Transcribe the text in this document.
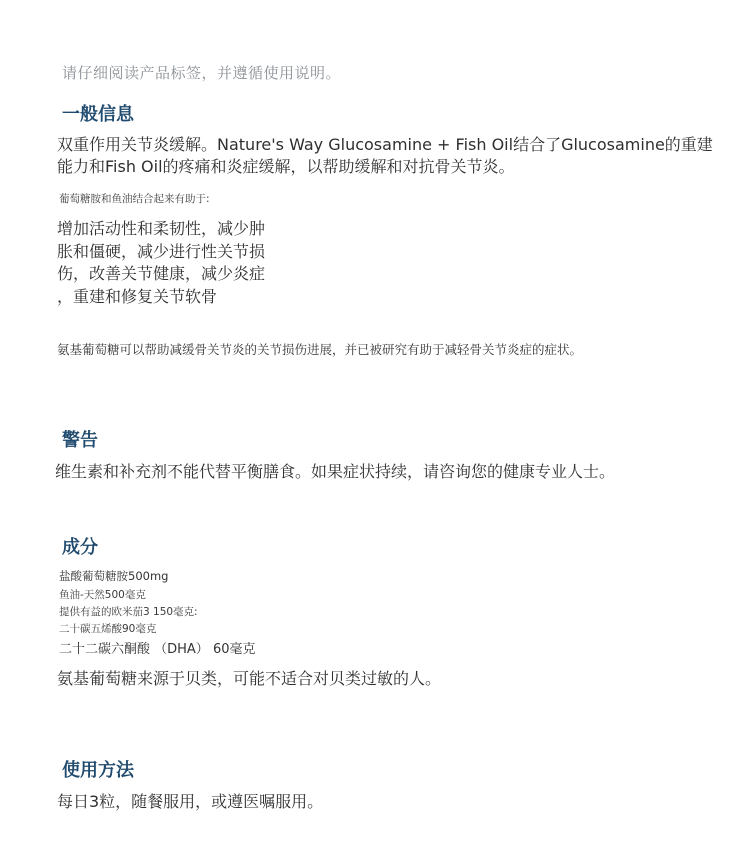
请仔细阅读产品标签，并遵循使用说明。

一般信息

双重作用关节炎缓解。Nature's Way Glucosamine + Fish Oil结合了Glucosamine的重建

能力和Fish Oil的疼痛和炎症缓解，以帮助缓解和对抗骨关节炎。

葡萄糖胺和鱼油结合起来有助于:

增加活动性和柔韧性，减少肿
胀和僵硬，减少进行性关节损
伤，改善关节健康，减少炎症
，重建和修复关节软骨

氨基葡萄糖可以帮助减缓骨关节炎的关节损伤进展，并已被研究有助于减轻骨关节炎症的症状。

警告

维生素和补充剂不能代替平衡膳食。如果症状持续，请咨询您的健康专业人士。

成分

盐酸葡萄糖胺500mg

鱼油-天然500毫克

提供有益的欧米茄3 150毫克:

二十碳五烯酸90毫克

二十二碳六酮酸 （DHA） 60毫克

氨基葡萄糖来源于贝类，可能不适合对贝类过敏的人。

使用方法

每日3粒，随餐服用，或遵医嘱服用。
